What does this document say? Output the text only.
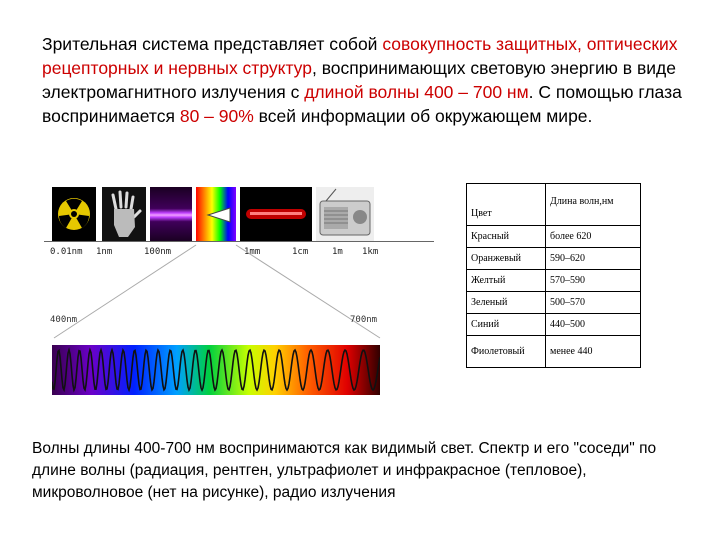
Зрительная система представляет собой совокупность защитных, оптических рецепторных и нервных структур, воспринимающих световую энергию в виде электромагнитного излучения с длиной волны 400 – 700 нм. С помощью глаза воспринимается 80 – 90% всей информации об окружающем мире.
0.01nm 1nm	100nm	1mm	1cm	1m 1km
400nm	700nm
Цвет	Длина волн,нм
Красный	более 620
Оранжевый	590–620
Желтый	570–590
Зеленый	500–570
Синий	440–500
Фиолетовый	менее 440
Волны длины 400-700 нм воспринимаются как видимый свет. Спектр и его "соседи" по длине волны (радиация, рентген, ультрафиолет и инфракрасное (тепловое), микроволновое (нет на рисунке), радио излучения
